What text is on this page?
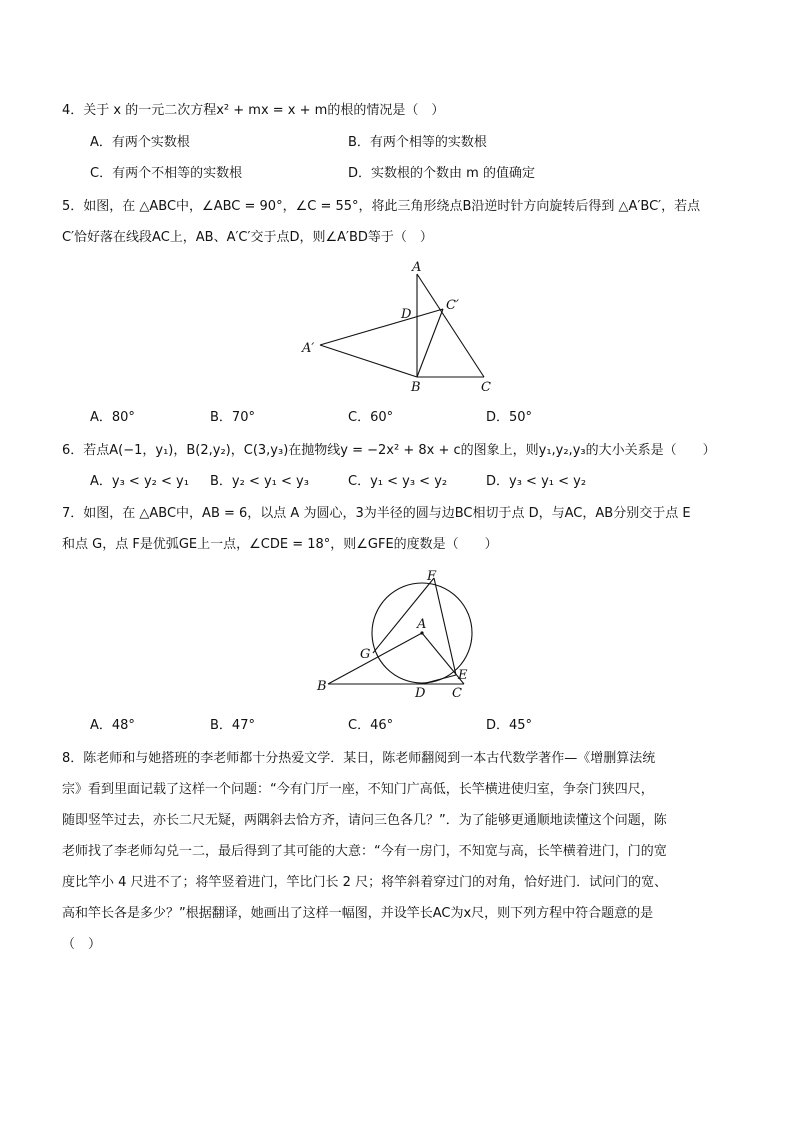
4．关于 x 的一元二次方程x² + mx = x + m的根的情况是（　）
A．有两个实数根	B．有两个相等的实数根
C．有两个不相等的实数根	D．实数根的个数由 m 的值确定
5．如图，在 △ABC中，∠ABC = 90°，∠C = 55°，将此三角形绕点B沿逆时针方向旋转后得到 △A′BC′，若点
C′恰好落在线段AC上，AB、A′C′交于点D，则∠A′BD等于（　）
A
C′
D
A′
B	C
A．80°	B．70°	C．60°	D．50°
6．若点A(−1，y₁)，B(2,y₂)，C(3,y₃)在抛物线y = −2x² + 8x + c的图象上，则y₁,y₂,y₃的大小关系是（　　）
A．y₃ < y₂ < y₁ B．y₂ < y₁ < y₃	C．y₁ < y₃ < y₂	D．y₃ < y₁ < y₂
7．如图，在 △ABC中，AB = 6，以点 A 为圆心，3为半径的圆与边BC相切于点 D，与AC，AB分别交于点 E
和点 G，点 F是优弧GE上一点，∠CDE = 18°，则∠GFE的度数是（　　）
F
A
G
E
B	D C
A．48°	B．47°	C．46°	D．45°
8．陈老师和与她搭班的李老师都十分热爱文学．某日，陈老师翻阅到一本古代数学著作—《增删算法统
宗》看到里面记载了这样一个问题：“今有门厅一座，不知门广高低，长竿横进使归室，争奈门狭四尺，
随即竖竿过去，亦长二尺无疑，两隅斜去恰方齐，请问三色各几？”．为了能够更通顺地读懂这个问题，陈
老师找了李老师勾兑一二，最后得到了其可能的大意：“今有一房门，不知宽与高，长竿横着进门，门的宽
度比竿小 4 尺进不了；将竿竖着进门，竿比门长 2 尺；将竿斜着穿过门的对角，恰好进门．试问门的宽、
高和竿长各是多少？”根据翻译，她画出了这样一幅图，并设竿长AC为x尺，则下列方程中符合题意的是
（　）
